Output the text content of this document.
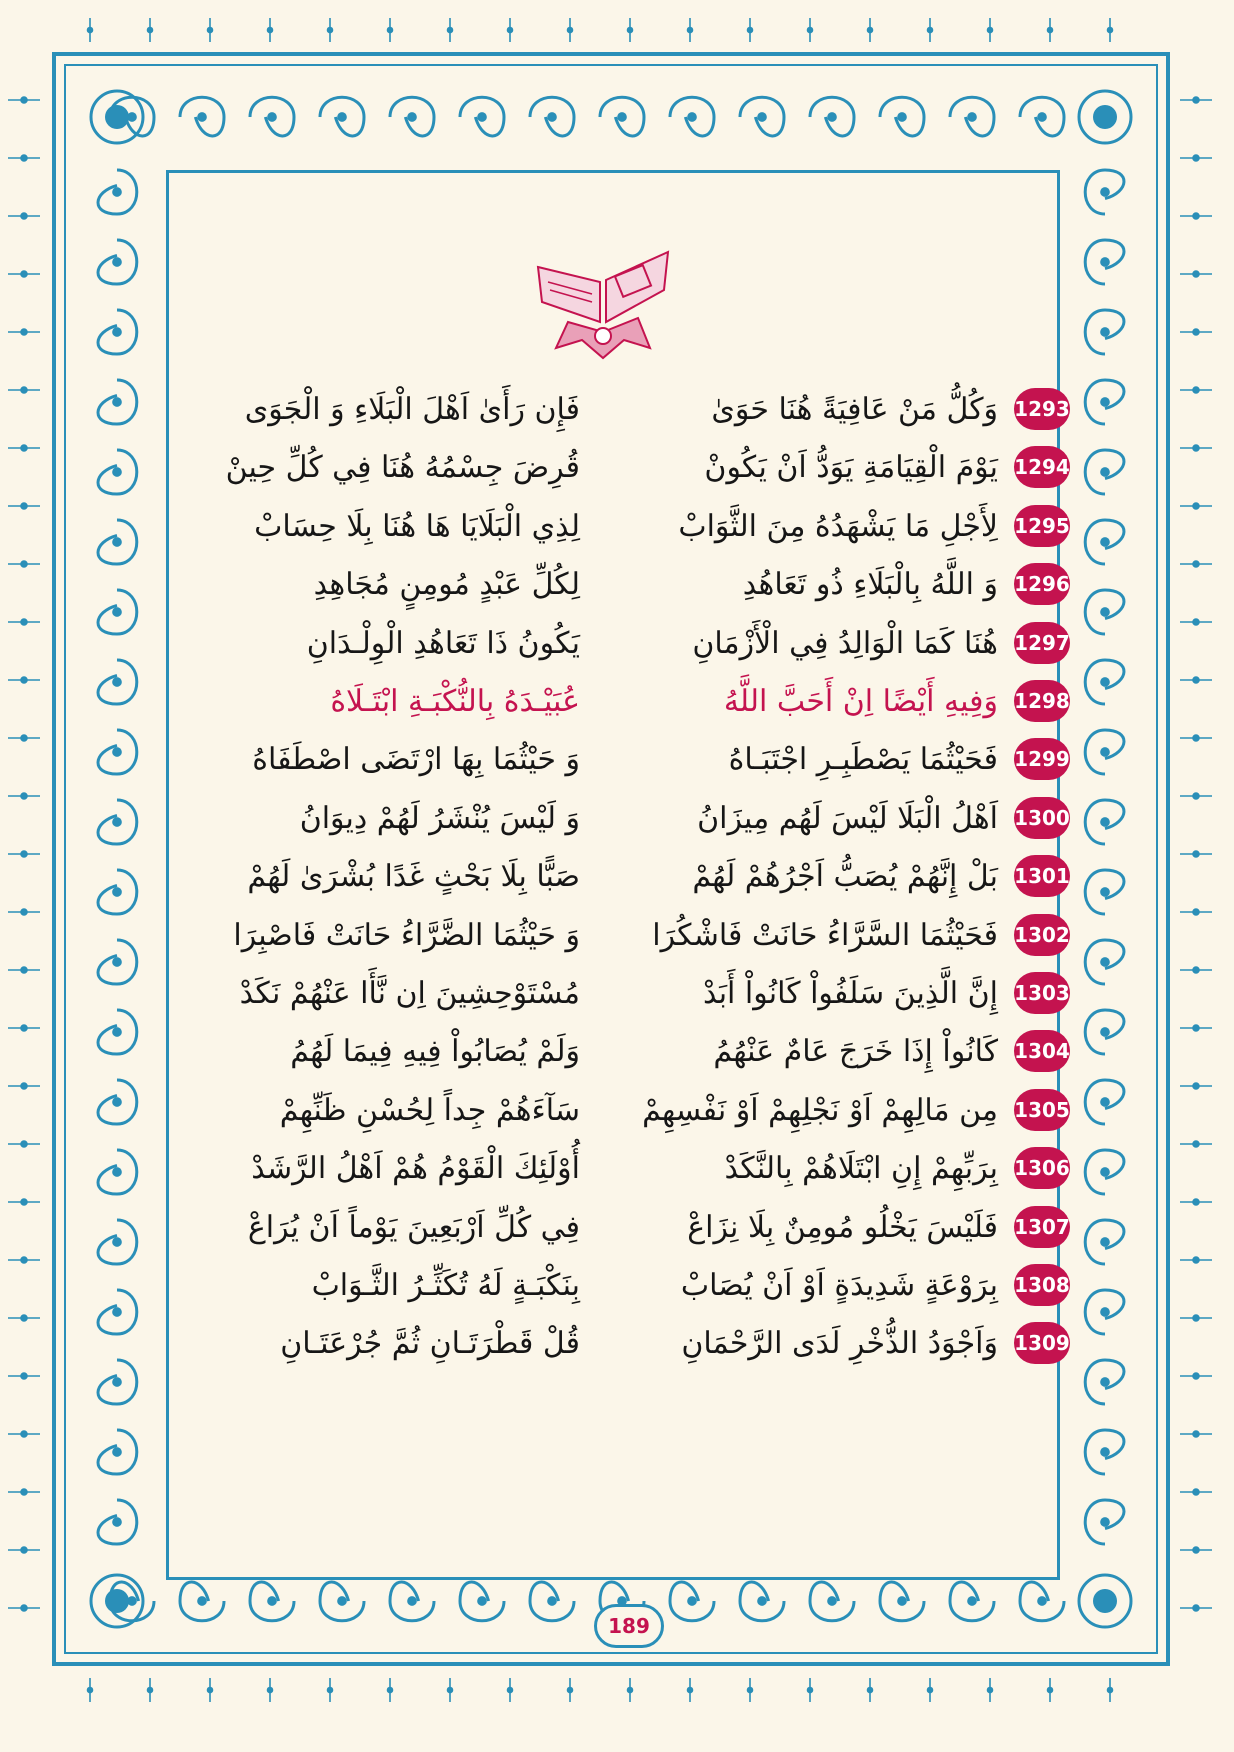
1293
وَكُلُّ مَنْ عَافِيَةً هُنَا حَوَىٰ
فَإِن رَأَىٰ اَهْلَ الْبَلَاءِ وَ الْجَوَى
1294
يَوْمَ الْقِيَامَةِ يَوَدُّ اَنْ يَكُونْ
قُرِضَ جِسْمُهُ هُنَا فِي كُلِّ حِينْ
1295
لِأَجْلِ مَا يَشْهَدُهُ مِنَ الثَّوَابْ
لِذِي الْبَلَايَا هَا هُنَا بِلَا حِسَابْ
1296
وَ اللَّهُ بِالْبَلَاءِ ذُو تَعَاهُدِ
لِكُلِّ عَبْدٍ مُومِنٍ مُجَاهِدِ
1297
هُنَا كَمَا الْوَالِدُ فِي الْأَزْمَانِ
يَكُونُ ذَا تَعَاهُدِ الْوِلْـدَانِ
1298
وَفِيهِ أَيْضًا اِنْ أَحَبَّ اللَّهُ
عُبَيْـدَهُ بِالنُّكْبَـةِ ابْتَـلَاهُ
1299
فَحَيْثُمَا يَصْطَبِـرِ اجْتَبَـاهُ
وَ حَيْثُمَا بِهَا ارْتَضَى اصْطَفَاهُ
1300
اَهْلُ الْبَلَا لَيْسَ لَهُم مِيزَانُ
وَ لَيْسَ يُنْشَرُ لَهُمْ دِيوَانُ
1301
بَلْ إِنَّهُمْ يُصَبُّ اَجْرُهُمْ لَهُمْ
صَبًّا بِلَا بَحْثٍ غَدًا بُشْرَىٰ لَهُمْ
1302
فَحَيْثُمَا السَّرَّاءُ حَانَتْ فَاشْكُرَا
وَ حَيْثُمَا الضَّرَّاءُ حَانَتْ فَاصْبِرَا
1303
إِنَّ الَّذِينَ سَلَفُواْ كَانُواْ أَبَدْ
مُسْتَوْحِشِينَ اِن نَّأَا عَنْهُمْ نَكَدْ
1304
كَانُواْ إِذَا خَرَجَ عَامٌ عَنْهُمُ
وَلَمْ يُصَابُواْ فِيهِ فِيمَا لَهُمُ
1305
مِن مَالِهِمْ اَوْ نَجْلِهِمْ اَوْ نَفْسِهِمْ
سَآءَهُمْ جِداً لِحُسْنِ ظَنِّهِمْ
1306
بِرَبِّهِمْ إِنِ ابْتَلَاهُمْ بِالنَّكَدْ
أُوْلَئِكَ الْقَوْمُ هُمْ اَهْلُ الرَّشَدْ
1307
فَلَيْسَ يَخْلُو مُومِنٌ بِلَا نِزَاعْ
فِي كُلِّ اَرْبَعِينَ يَوْماً اَنْ يُرَاعْ
1308
بِرَوْعَةٍ شَدِيدَةٍ اَوْ اَنْ يُصَابْ
بِنَكْبَـةٍ لَهُ تُكَثِّـرُ الثَّـوَابْ
1309
وَاَجْوَدُ الذُّخْرِ لَدَى الرَّحْمَانِ
قُلْ قَطْرَتَـانِ ثُمَّ جُرْعَتَـانِ
189
